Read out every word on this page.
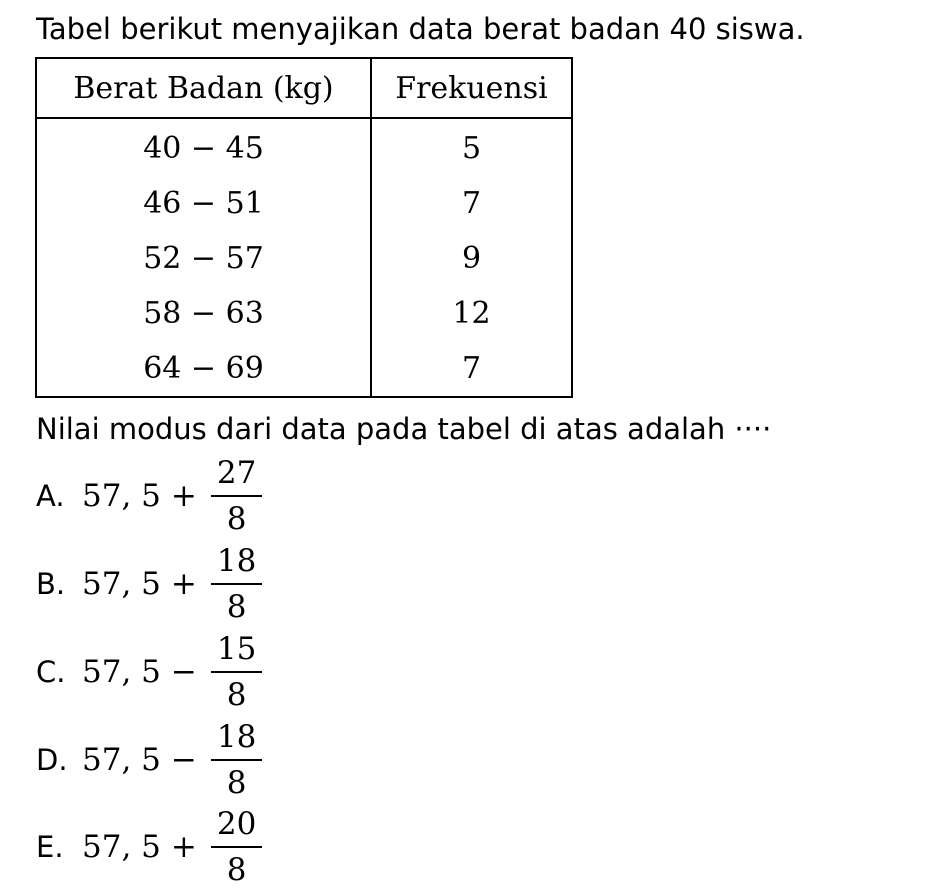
Tabel berikut menyajikan data berat badan 40 siswa.
Berat Badan (kg)	Frekuensi
40 − 45	5
46 − 51	7
52 − 57	9
58 − 63	12
64 − 69	7
Nilai modus dari data pada tabel di atas adalah ····
A. 57, $5 + \frac{27}{8}$
B. 57, $5 + \frac{18}{8}$
C. 57, $5 - \frac{15}{8}$
D. 57, $5 - \frac{18}{8}$
E. 57, $5 + \frac{20}{8}$
